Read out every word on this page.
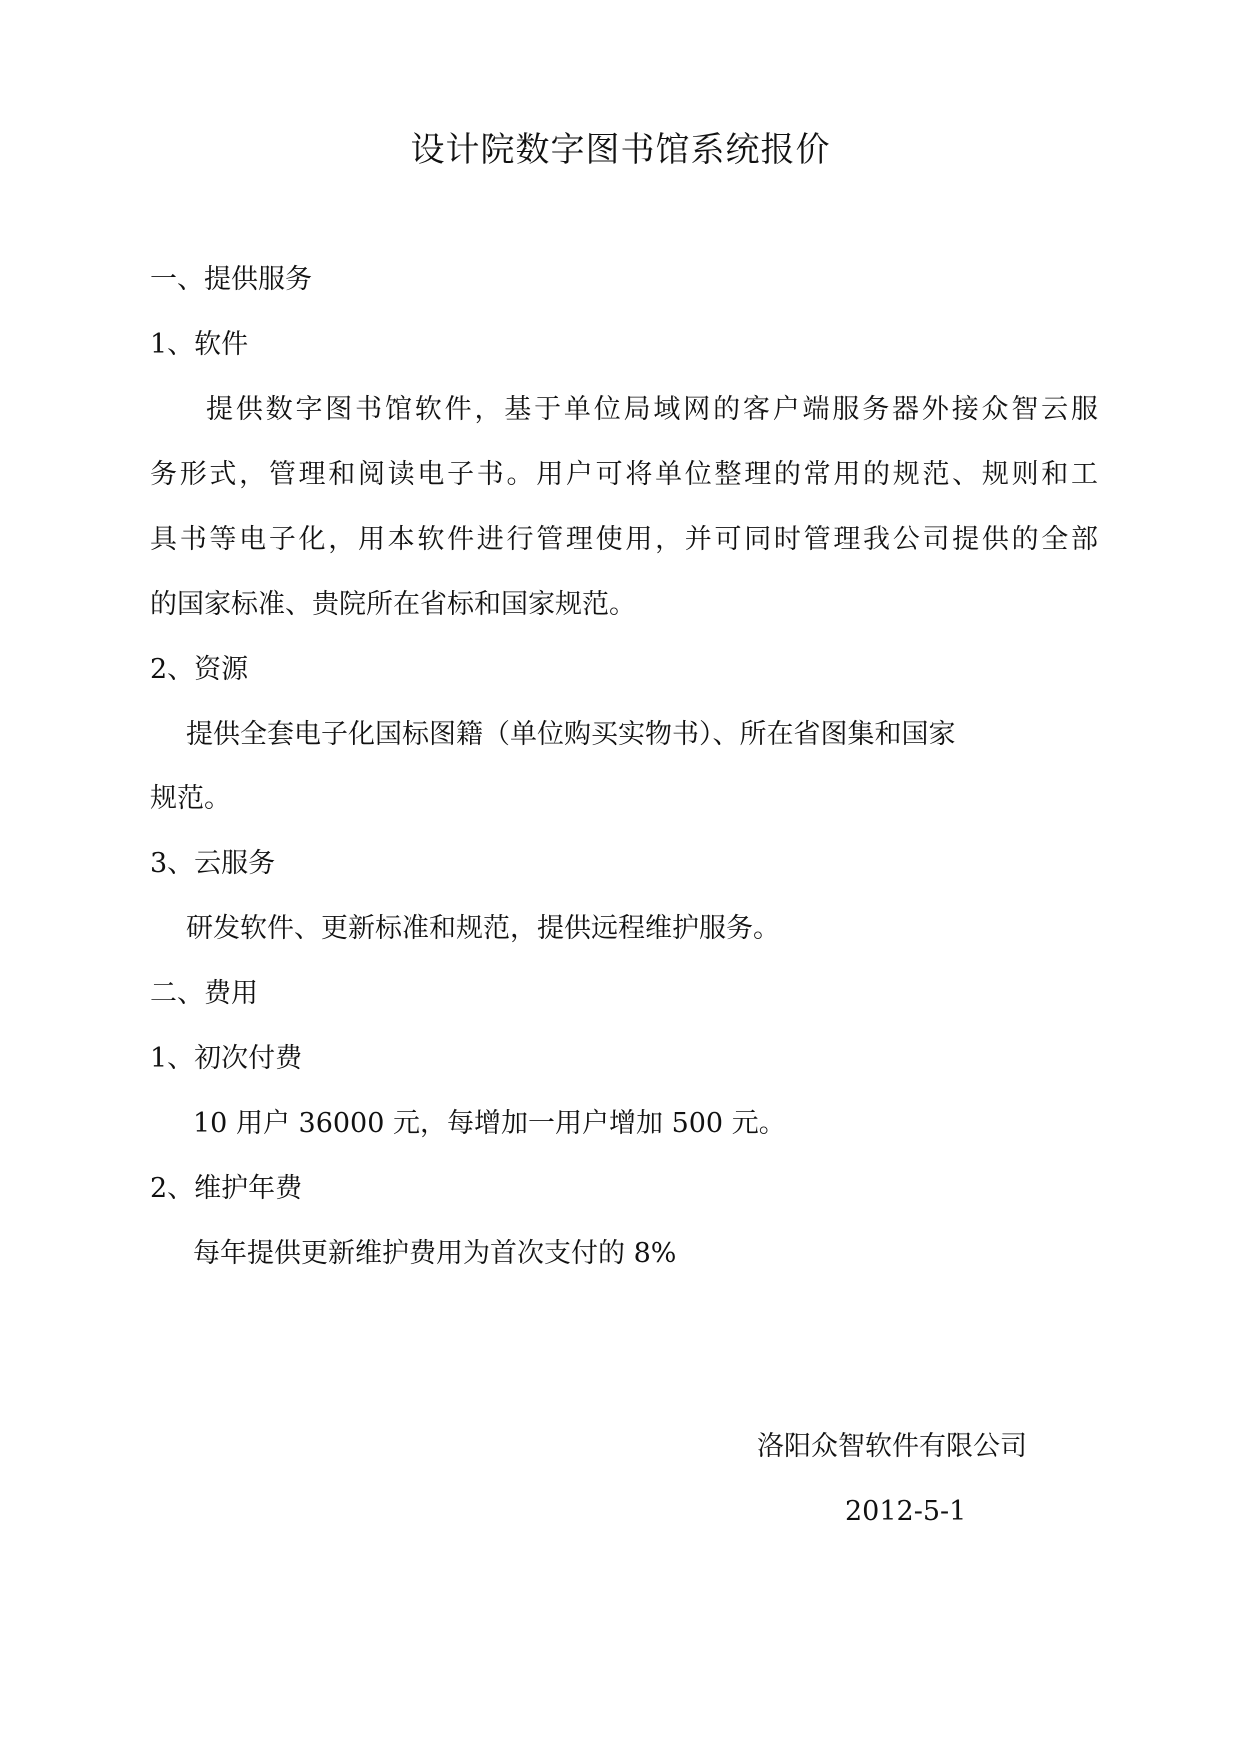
设计院数字图书馆系统报价
一、提供服务
1、软件
提供数字图书馆软件，基于单位局域网的客户端服务器外接众智云服
务形式，管理和阅读电子书。用户可将单位整理的常用的规范、规则和工
具书等电子化，用本软件进行管理使用，并可同时管理我公司提供的全部
的国家标准、贵院所在省标和国家规范。
2、资源
提供全套电子化国标图籍（单位购买实物书）、所在省图集和国家
规范。
3、云服务
研发软件、更新标准和规范，提供远程维护服务。
二、费用
1、初次付费
10 用户 36000 元，每增加一用户增加 500 元。
2、维护年费
每年提供更新维护费用为首次支付的 8%
洛阳众智软件有限公司
2012-5-1
